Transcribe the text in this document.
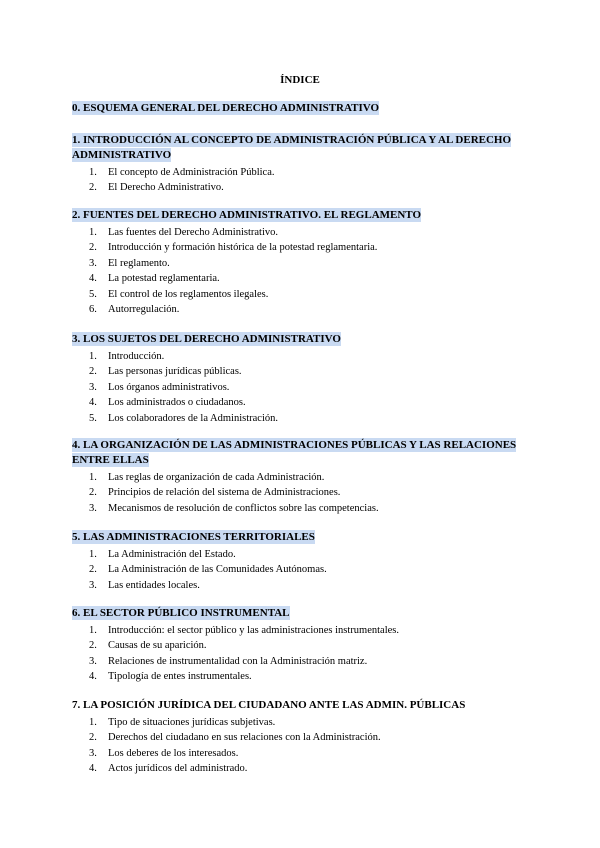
ÍNDICE
0. ESQUEMA GENERAL DEL DERECHO ADMINISTRATIVO
1. INTRODUCCIÓN AL CONCEPTO DE ADMINISTRACIÓN PÚBLICA Y AL DERECHO
ADMINISTRATIVO
1. El concepto de Administración Pública.
2. El Derecho Administrativo.
2. FUENTES DEL DERECHO ADMINISTRATIVO. EL REGLAMENTO
1. Las fuentes del Derecho Administrativo.
2. Introducción y formación histórica de la potestad reglamentaria.
3. El reglamento.
4. La potestad reglamentaria.
5. El control de los reglamentos ilegales.
6. Autorregulación.
3. LOS SUJETOS DEL DERECHO ADMINISTRATIVO
1. Introducción.
2. Las personas jurídicas públicas.
3. Los órganos administrativos.
4. Los administrados o ciudadanos.
5. Los colaboradores de la Administración.
4. LA ORGANIZACIÓN DE LAS ADMINISTRACIONES PÚBLICAS Y LAS RELACIONES
ENTRE ELLAS
1. Las reglas de organización de cada Administración.
2. Principios de relación del sistema de Administraciones.
3. Mecanismos de resolución de conflictos sobre las competencias.
5. LAS ADMINISTRACIONES TERRITORIALES
1. La Administración del Estado.
2. La Administración de las Comunidades Autónomas.
3. Las entidades locales.
6. EL SECTOR PÚBLICO INSTRUMENTAL
1. Introducción: el sector público y las administraciones instrumentales.
2. Causas de su aparición.
3. Relaciones de instrumentalidad con la Administración matriz.
4. Tipología de entes instrumentales.
7. LA POSICIÓN JURÍDICA DEL CIUDADANO ANTE LAS ADMIN. PÚBLICAS
1. Tipo de situaciones jurídicas subjetivas.
2. Derechos del ciudadano en sus relaciones con la Administración.
3. Los deberes de los interesados.
4. Actos jurídicos del administrado.
